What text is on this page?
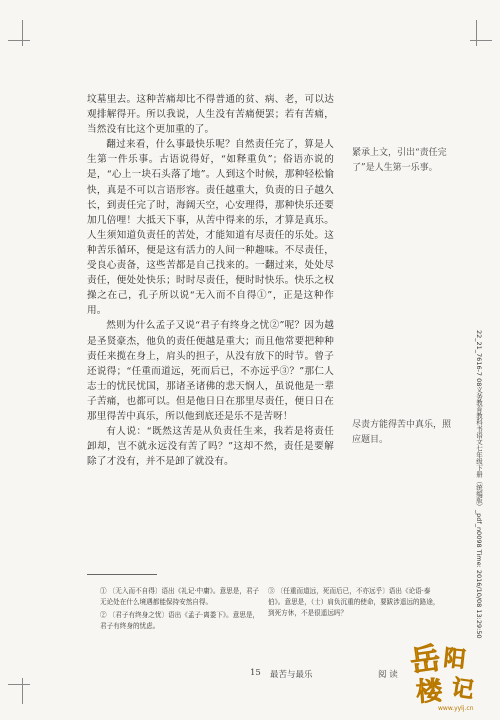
坟墓里去。这种苦痛却比不得普通的贫、病、老，可以达观排解得开。所以我说，人生没有苦痛便罢；若有苦痛，当然没有比这个更加重的了。

翻过来看，什么事最快乐呢？自然责任完了，算是人生第一件乐事。古语说得好，“如释重负”；俗语亦说的是，“心上一块石头落了地”。人到这个时候，那种轻松愉快，真是不可以言语形容。责任越重大，负责的日子越久长，到责任完了时，海阔天空，心安理得，那种快乐还要加几倍哩！大抵天下事，从苦中得来的乐，才算是真乐。人生须知道负责任的苦处，才能知道有尽责任的乐处。这种苦乐循环，便是这有活力的人间一种趣味。不尽责任，受良心责备，这些苦都是自己找来的。一翻过来，处处尽责任，便处处快乐；时时尽责任，便时时快乐。快乐之权操之在己，孔子所以说“无入而不自得①”，正是这种作用。

然则为什么孟子又说“君子有终身之忧②”呢？因为越是圣贤豪杰，他负的责任便越是重大；而且他常要把种种责任来揽在身上，肩头的担子，从没有放下的时节。曾子还说得；“任重而道远，死而后已，不亦远乎③？”那仁人志士的忧民忧国，那诸圣诸佛的悲天悯人，虽说他是一辈子苦痛，也都可以。但是他日日在那里尽责任，便日日在那里得苦中真乐，所以他到底还是乐不是苦呀！

有人说：“既然这苦是从负责任生来，我若是将责任卸却，岂不就永远没有苦了吗？”这却不然，责任是要解除了才没有，并不是卸了就没有。

紧承上文，引出“责任完了”是人生第一乐事。
尽责方能得苦中真乐，照应题目。
① 〔无入而不自得〕语出《礼记·中庸》。意思是，君子无论处在什么境遇都能保持安然自得。
② 〔君子有终身之忧〕语出《孟子·离娄下》。意思是，君子有终身的忧虑。
③ 〔任重而道远，死而后已，不亦远乎〕语出《论语·泰伯》。意思是，（士）肩负沉重的使命，要跋涉遥远的路途，到死方休，不是很遥远吗？
15 最苦与最乐	阅 读
22_21_7616-7 08义务教育教科书语文七年级下册（统编版）_pdf_n0098 Time: 2016/10/08 13:29:50
岳 阳
楼 记
www.yylj.cn
